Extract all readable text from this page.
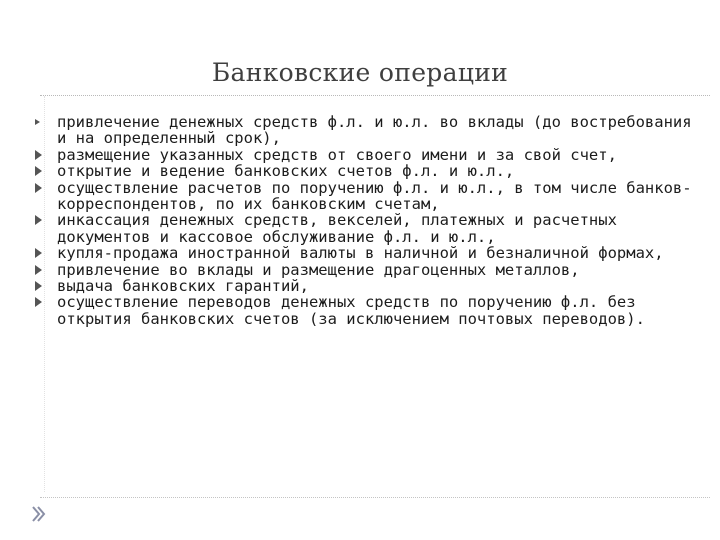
Банковские операции
привлечение денежных средств ф.л. и ю.л. во вклады (до востребования и на определенный срок),
размещение указанных средств от своего имени и за свой счет,
открытие и ведение банковских счетов ф.л. и ю.л.,
осуществление расчетов по поручению ф.л. и ю.л., в том числе банков-корреспондентов, по их банковским счетам,
инкассация денежных средств, векселей, платежных и расчетных документов и кассовое обслуживание ф.л. и ю.л.,
купля-продажа иностранной валюты в наличной и безналичной формах,
привлечение во вклады и размещение драгоценных металлов,
выдача банковских гарантий,
осуществление переводов денежных средств по поручению ф.л. без открытия банковских счетов (за исключением почтовых переводов).
